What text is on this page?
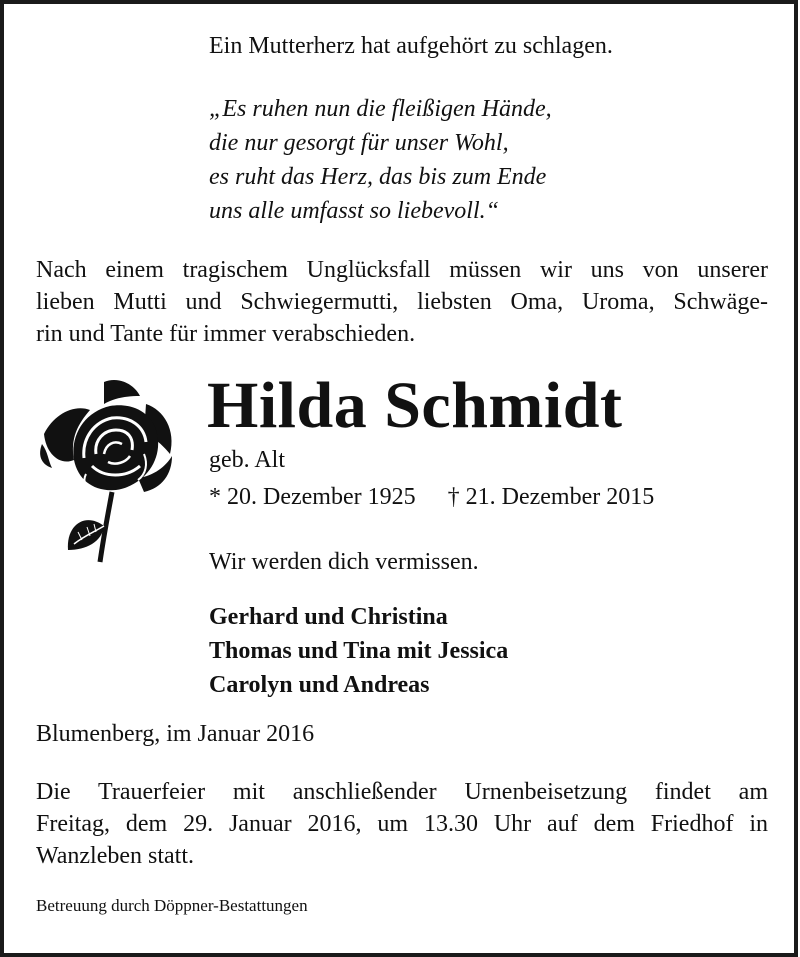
Ein Mutterherz hat aufgehört zu schlagen.
„Es ruhen nun die fleißigen Hände,
die nur gesorgt für unser Wohl,
es ruht das Herz, das bis zum Ende
uns alle umfasst so liebevoll.“
Nach einem tragischem Unglücksfall müssen wir uns von unserer
lieben Mutti und Schwiegermutti, liebsten Oma, Uroma, Schwäge-
rin und Tante für immer verabschieden.
Hilda Schmidt
geb. Alt
* 20. Dezember 1925 † 21. Dezember 2015
Wir werden dich vermissen.
Gerhard und Christina
Thomas und Tina mit Jessica
Carolyn und Andreas
Blumenberg, im Januar 2016
Die Trauerfeier mit anschließender Urnenbeisetzung findet am
Freitag, dem 29. Januar 2016, um 13.30 Uhr auf dem Friedhof in
Wanzleben statt.
Betreuung durch Döppner-Bestattungen
